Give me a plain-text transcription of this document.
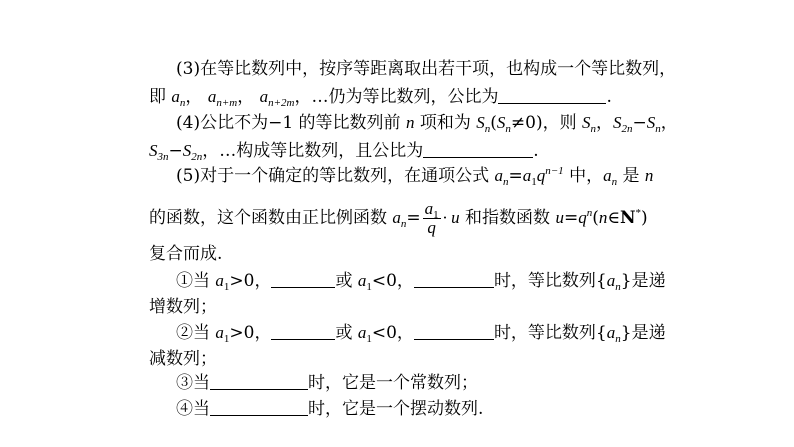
(3)在等比数列中，按序等距离取出若干项，也构成一个等比数列，
即 $a_n$， $a_{n+m}$， $a_{n+2m}$，…仍为等比数列，公比为	.
(4)公比不为−1 的等比数列前 n 项和为 $S_n(S_n\ne 0)$，则 $S_n$，$S_{2n}-S_n$，
$S_{3n}-S_{2n}$，…构成等比数列，且公比为	.
(5)对于一个确定的等比数列，在通项公式 $a_n=a_1q^{n-1}$ 中，$a_n$ 是 n
的函数，这个函数由正比例函数 $a_n= \frac{a_1}{q} \cdot u$ 和指数函数 $u=q^n(n\in N^*)$
复合而成.
①当 $a_1>0$，	或 $a_1<0$，	时，等比数列$\{a_n\}$是递
增数列；
②当 $a_1>0$，	或 $a_1<0$，	时，等比数列$\{a_n\}$是递
减数列；
③当	时，它是一个常数列；
④当	时，它是一个摆动数列.
